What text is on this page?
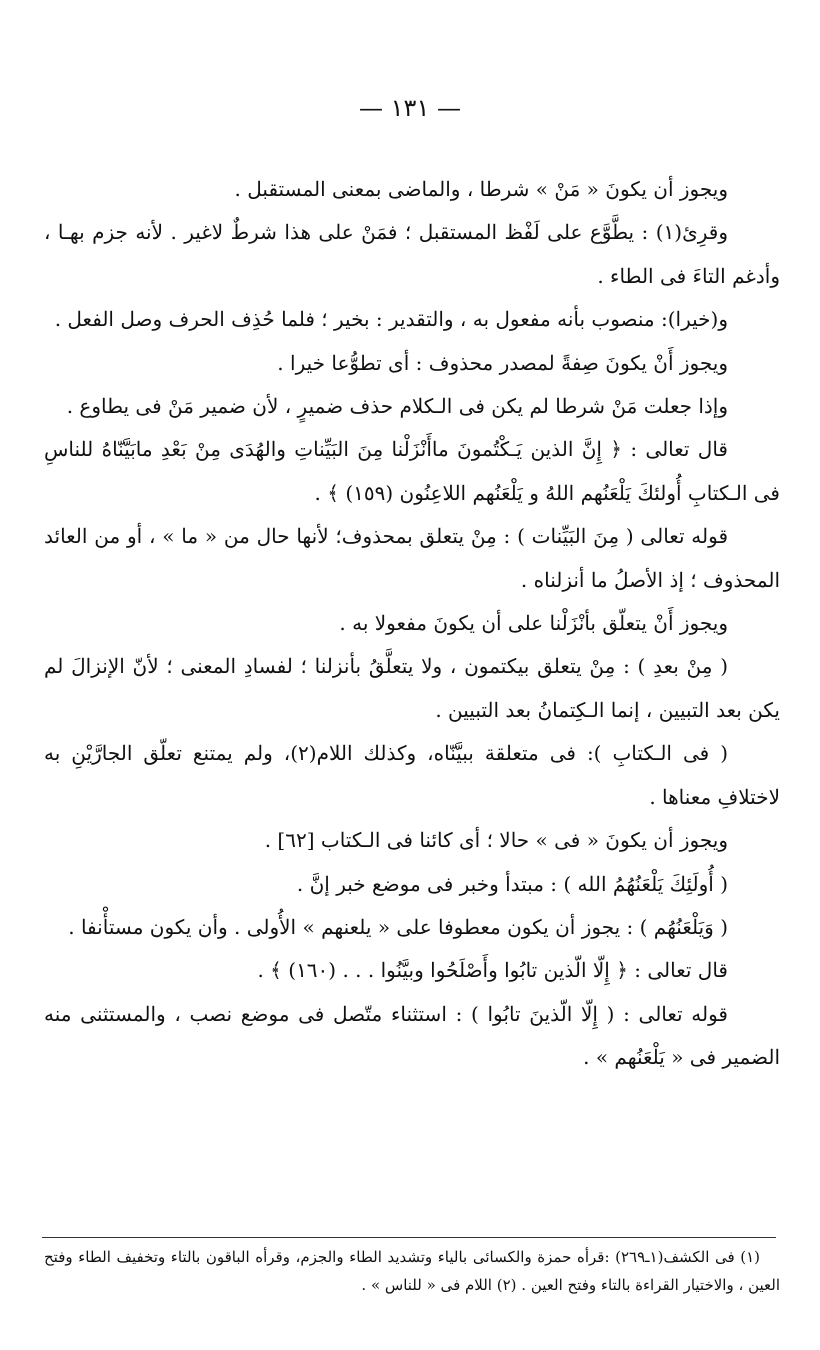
— ١٣١ —

ويجوز أن يكونَ « مَنْ » شرطا ، والماضى بمعنى المستقبل .

وقرِئ(١) : يطَّوَّع على لَفْظ المستقبل ؛ فمَنْ على هذا شرطٌ لاغير . لأنه جزم بهـا ، وأدغم التاءَ فى الطاء .

و(خيرا): منصوب بأنه مفعول به ، والتقدير : بخير ؛ فلما حُذِف الحرف وصل الفعل .

ويجوز أَنْ يكونَ صِفةً لمصدر محذوف : أى تطوُّعا خيرا .

وإذا جعلت مَنْ شرطا لم يكن فى الـكلام حذف ضميرٍ ، لأن ضمير مَنْ فى يطاوع .

قال تعالى : ﴿ إِنَّ الذين يَـكْتُمونَ ماأَنْزَلْنا مِنَ البَيِّناتِ والهُدَى مِنْ بَعْدِ مابَيَّنّاهُ للناسِ فى الـكتابِ أُولئكَ يَلْعَنُهم اللهُ و يَلْعَنُهم اللاعِنُون (١٥٩) ﴾ .

قوله تعالى ( مِنَ البَيِّنات ) : مِنْ يتعلق بمحذوف؛ لأنها حال من « ما » ، أو من العائد المحذوف ؛ إذ الأصلُ ما أنزلناه .

ويجوز أَنْ يتعلّق بأنْزَلْنا على أن يكونَ مفعولا به .

( مِنْ بعدِ ) : مِنْ يتعلق بيكتمون ، ولا يتعلَّقُ بأنزلنا ؛ لفسادِ المعنى ؛ لأنّ الإنزالَ لم يكن بعد التبيين ، إنما الـكِتمانُ بعد التبيين .

( فى الـكتابِ ): فى متعلقة ببيَّنّاه، وكذلك اللام(٢)، ولم يمتنع تعلّق الجارَّيْنِ به لاختلافِ معناها .

ويجوز أن يكونَ « فى » حالا ؛ أى كائنا فى الـكتاب [٦٢] .

( أُولَئِكَ يَلْعَنُهُمُ الله ) : مبتدأ وخبر فى موضع خبر إنَّ .

( وَيَلْعَنُهُم ) : يجوز أن يكون معطوفا على « يلعنهم » الأُولى . وأن يكون مستأْنفا .

قال تعالى : ﴿ إِلّا الّذين تابُوا وأَصْلَحُوا وبيَّنُوا . . . (١٦٠) ﴾ .

قوله تعالى : ( إِلّا الّذينَ تابُوا ) : استثناء متّصل فى موضع نصب ، والمستثنى منه الضمير فى « يَلْعَنُهم » .

(١) فى الكشف(١ـ٢٦٩) :قرأه حمزة والكسائى بالياء وتشديد الطاء والجزم، وقرأه الباقون بالتاء وتخفيف الطاء وفتح العين ، والاختيار القراءة بالتاء وفتح العين . (٢) اللام فى « للناس » .
